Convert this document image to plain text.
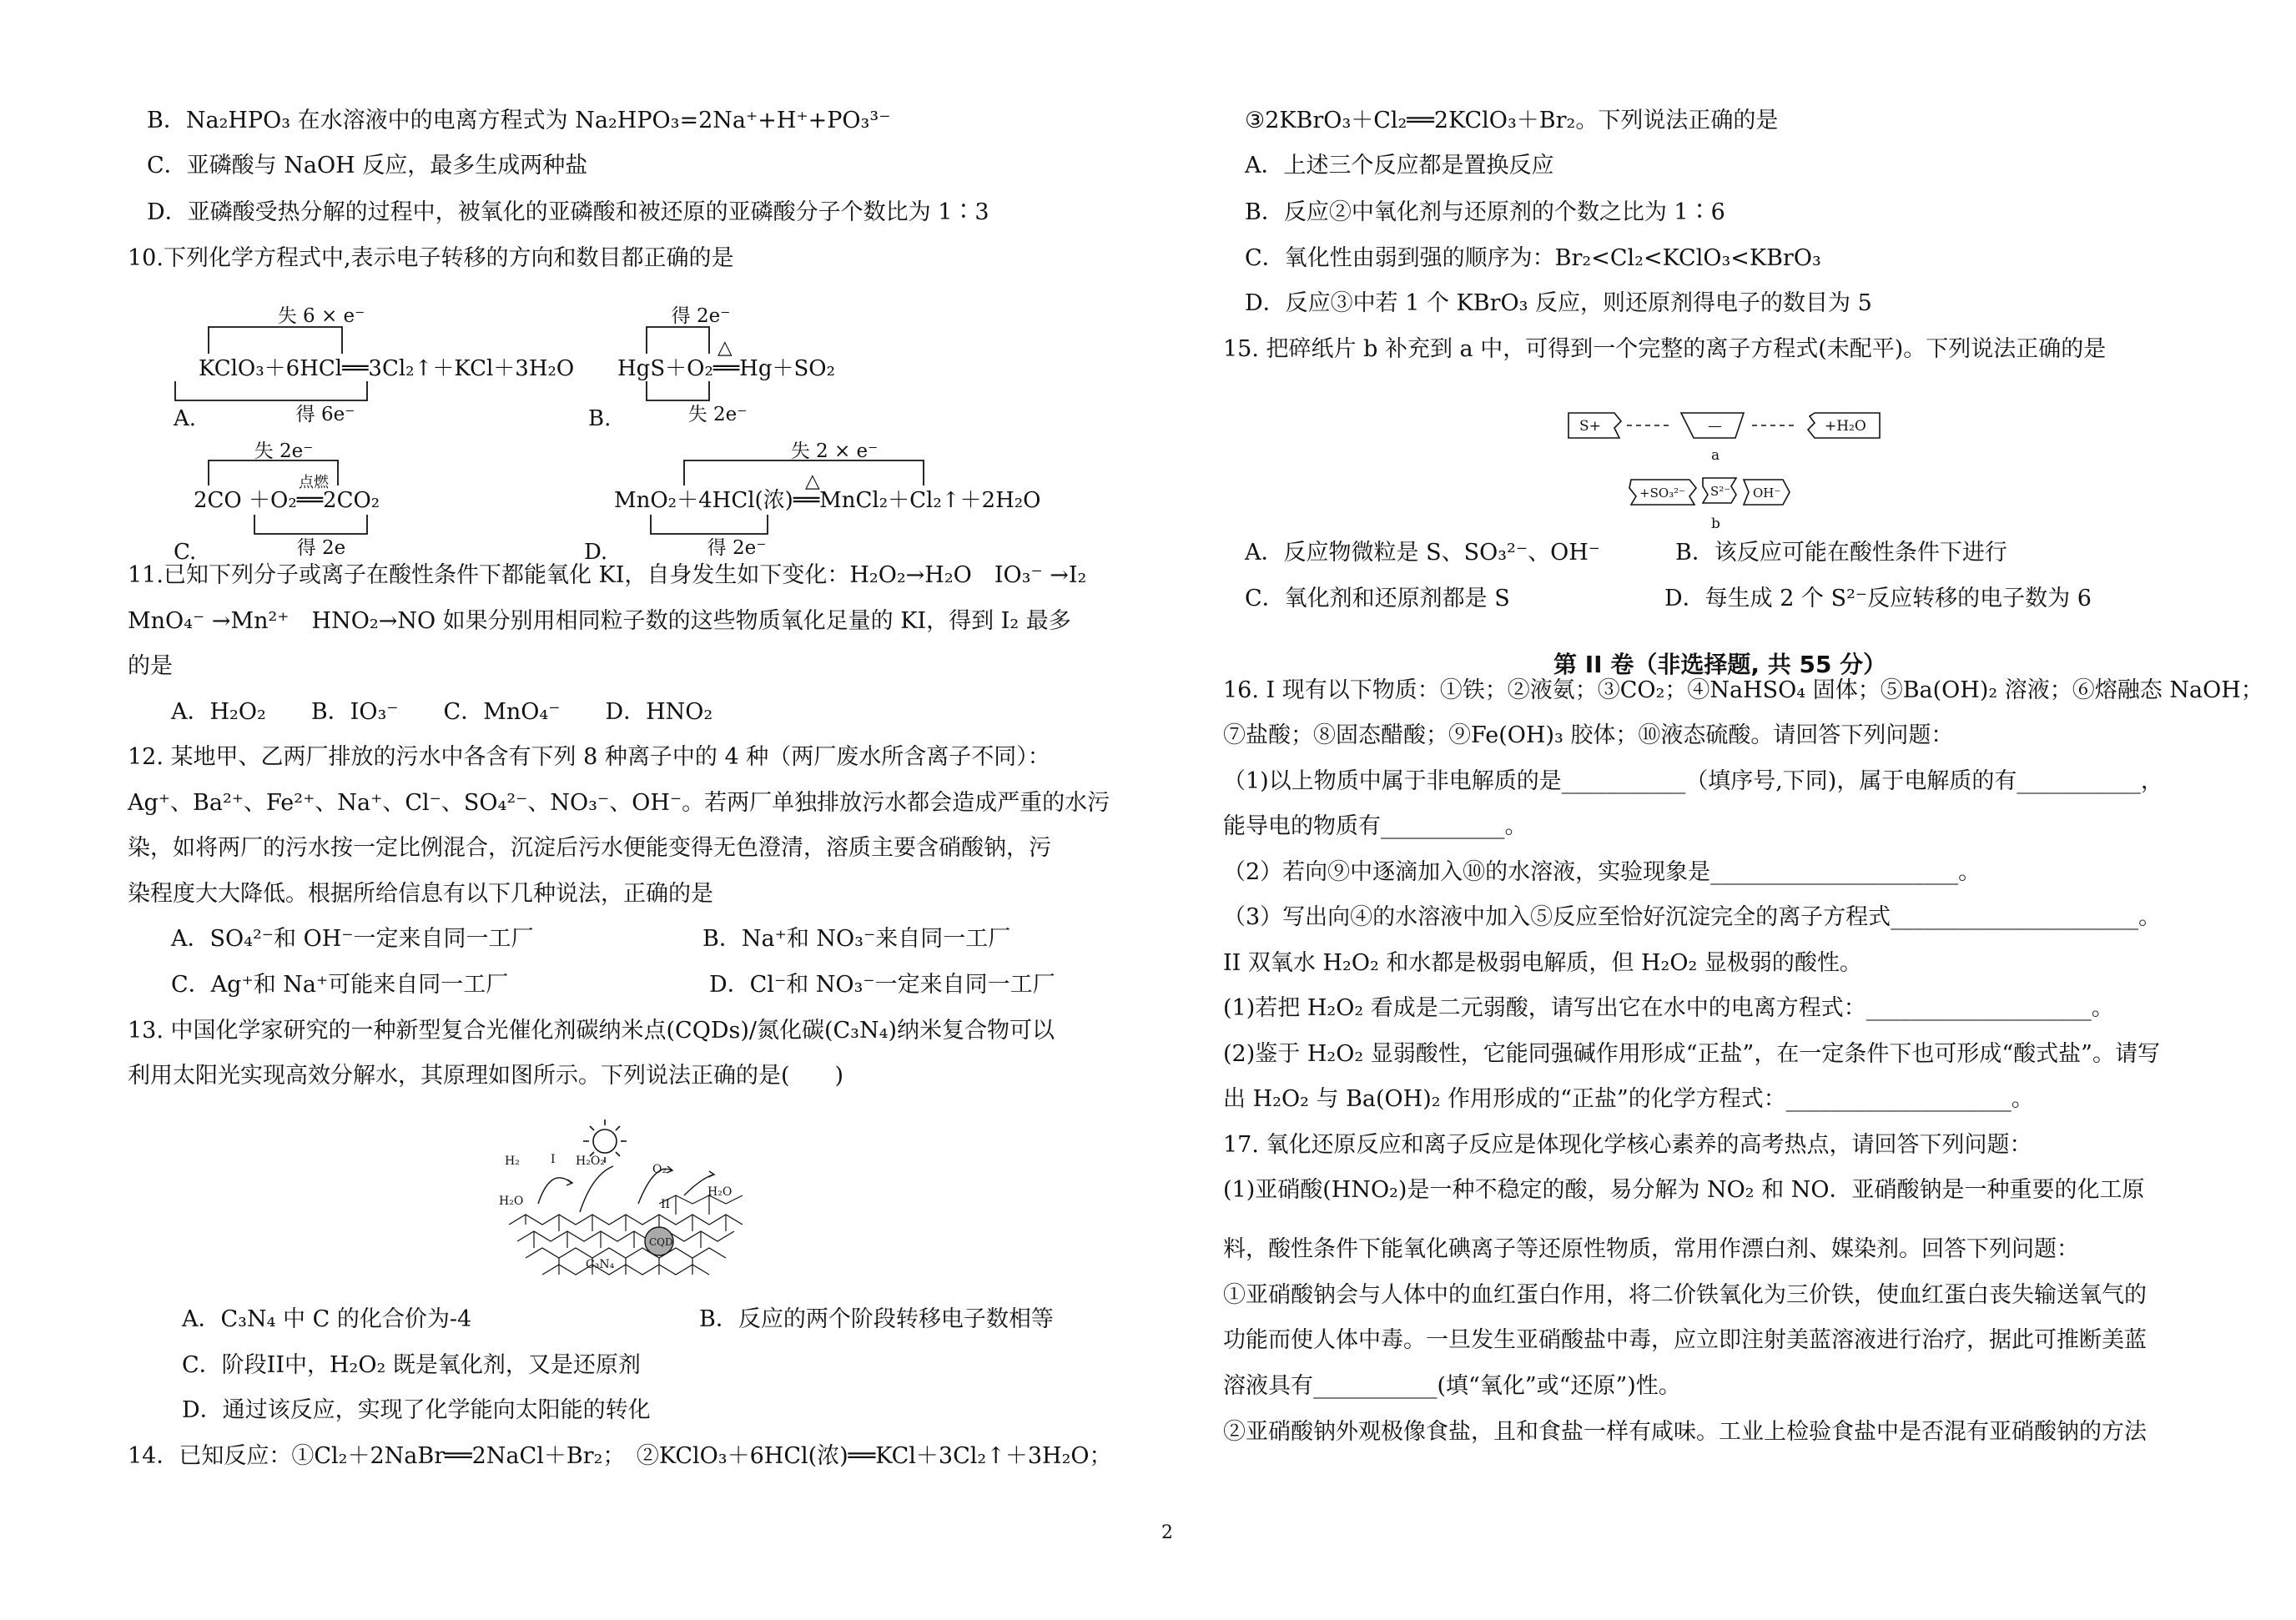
第 II 卷（非选择题, 共 55 分）
失 6 × e⁻
KClO₃＋6HCl══3Cl₂↑＋KCl＋3H₂O
得 6e⁻
A.
得 2e⁻
△
HgS＋O₂══Hg＋SO₂
失 2e⁻
B.
失 2e⁻
点燃
2CO ＋O₂══2CO₂
得 2e
C.
失 2 × e⁻
△
MnO₂＋4HCl(浓)══MnCl₂＋Cl₂↑＋2H₂O
得 2e⁻
D.
H₂	I H₂O₂
O₂
II
H₂O
H₂O
C₃N₄
CQD
S+	—	+H₂O
a
+SO₃²⁻ S²⁻ OH⁻
b
2
B．Na₂HPO₃ 在水溶液中的电离方程式为 Na₂HPO₃=2Na⁺+H⁺+PO₃³⁻
C．亚磷酸与 NaOH 反应，最多生成两种盐
D．亚磷酸受热分解的过程中，被氧化的亚磷酸和被还原的亚磷酸分子个数比为 1∶3
10.下列化学方程式中,表示电子转移的方向和数目都正确的是
11.已知下列分子或离子在酸性条件下都能氧化 KI，自身发生如下变化：H₂O₂→H₂O　IO₃⁻ →I₂
MnO₄⁻ →Mn²⁺　HNO₂→NO 如果分别用相同粒子数的这些物质氧化足量的 KI，得到 I₂ 最多
的是
A．H₂O₂　　B．IO₃⁻　　C．MnO₄⁻　　D．HNO₂
12. 某地甲、乙两厂排放的污水中各含有下列 8 种离子中的 4 种（两厂废水所含离子不同）：
Ag⁺、Ba²⁺、Fe²⁺、Na⁺、Cl⁻、SO₄²⁻、NO₃⁻、OH⁻。若两厂单独排放污水都会造成严重的水污
染，如将两厂的污水按一定比例混合，沉淀后污水便能变得无色澄清，溶质主要含硝酸钠，污
染程度大大降低。根据所给信息有以下几种说法，正确的是
A．SO₄²⁻和 OH⁻一定来自同一工厂	B．Na⁺和 NO₃⁻来自同一工厂
C．Ag⁺和 Na⁺可能来自同一工厂	D．Cl⁻和 NO₃⁻一定来自同一工厂
13. 中国化学家研究的一种新型复合光催化剂碳纳米点(CQDs)/氮化碳(C₃N₄)纳米复合物可以
利用太阳光实现高效分解水，其原理如图所示。下列说法正确的是(　　)
A．C₃N₄ 中 C 的化合价为-4	B．反应的两个阶段转移电子数相等
C．阶段II中，H₂O₂ 既是氧化剂，又是还原剂
D．通过该反应，实现了化学能向太阳能的转化
14．已知反应：①Cl₂＋2NaBr══2NaCl＋Br₂；　②KClO₃＋6HCl(浓)══KCl＋3Cl₂↑＋3H₂O；
③2KBrO₃＋Cl₂══2KClO₃＋Br₂。下列说法正确的是
A．上述三个反应都是置换反应
B．反应②中氧化剂与还原剂的个数之比为 1∶6
C．氧化性由弱到强的顺序为：Br₂<Cl₂<KClO₃<KBrO₃
D．反应③中若 1 个 KBrO₃ 反应，则还原剂得电子的数目为 5
15. 把碎纸片 b 补充到 a 中，可得到一个完整的离子方程式(未配平)。下列说法正确的是
A．反应物微粒是 S、SO₃²⁻、OH⁻	B．该反应可能在酸性条件下进行
C．氧化剂和还原剂都是 S	D．每生成 2 个 S²⁻反应转移的电子数为 6
16. I 现有以下物质：①铁；②液氨；③CO₂；④NaHSO₄ 固体；⑤Ba(OH)₂ 溶液；⑥熔融态 NaOH；
⑦盐酸；⑧固态醋酸；⑨Fe(OH)₃ 胶体；⑩液态硫酸。请回答下列问题：
（1)以上物质中属于非电解质的是___________（填序号,下同)，属于电解质的有___________，
能导电的物质有___________。
（2）若向⑨中逐滴加入⑩的水溶液，实验现象是______________________。
（3）写出向④的水溶液中加入⑤反应至恰好沉淀完全的离子方程式______________________。
II 双氧水 H₂O₂ 和水都是极弱电解质，但 H₂O₂ 显极弱的酸性。
(1)若把 H₂O₂ 看成是二元弱酸，请写出它在水中的电离方程式：____________________。
(2)鉴于 H₂O₂ 显弱酸性，它能同强碱作用形成“正盐”，在一定条件下也可形成“酸式盐”。请写
出 H₂O₂ 与 Ba(OH)₂ 作用形成的“正盐”的化学方程式：____________________。
17. 氧化还原反应和离子反应是体现化学核心素养的高考热点，请回答下列问题：
(1)亚硝酸(HNO₂)是一种不稳定的酸，易分解为 NO₂ 和 NO．亚硝酸钠是一种重要的化工原
料，酸性条件下能氧化碘离子等还原性物质，常用作漂白剂、媒染剂。回答下列问题：
①亚硝酸钠会与人体中的血红蛋白作用，将二价铁氧化为三价铁，使血红蛋白丧失输送氧气的
功能而使人体中毒。一旦发生亚硝酸盐中毒，应立即注射美蓝溶液进行治疗，据此可推断美蓝
溶液具有___________(填“氧化”或“还原”)性。
②亚硝酸钠外观极像食盐，且和食盐一样有咸味。工业上检验食盐中是否混有亚硝酸钠的方法
